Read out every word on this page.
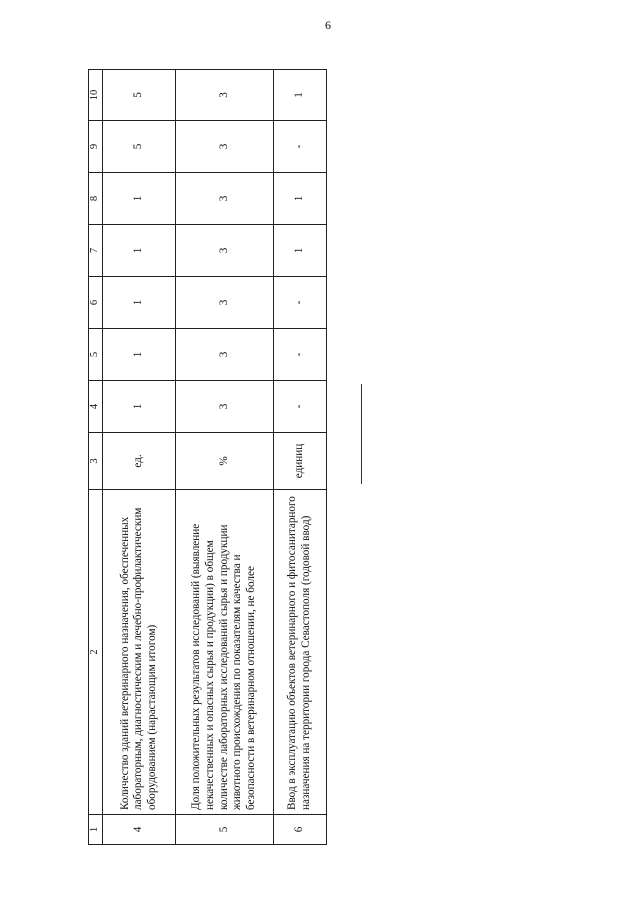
6
1	2	3	4	5	6	7	8	9	10
4	Количество зданий ветеринарного назначения, обеспеченных лабораторным, диагностическим и лечебно-профилактическим оборудованием (нарастающим итогом)	ед.	1	1	1	1	1	5	5
5	Доля положительных результатов исследований (выявление некачественных и опасных сырья и продукции) в общем количестве лабораторных исследований сырья и продукции животного происхождения по показателям качества и безопасности в ветеринарном отношении, не более	%	3	3	3	3	3	3	3
6	Ввод в эксплуатацию объектов ветеринарного и фитосанитарного назначения на территории города Севастополя (годовой ввод)	единиц	-	-	-	1	1	-	1
